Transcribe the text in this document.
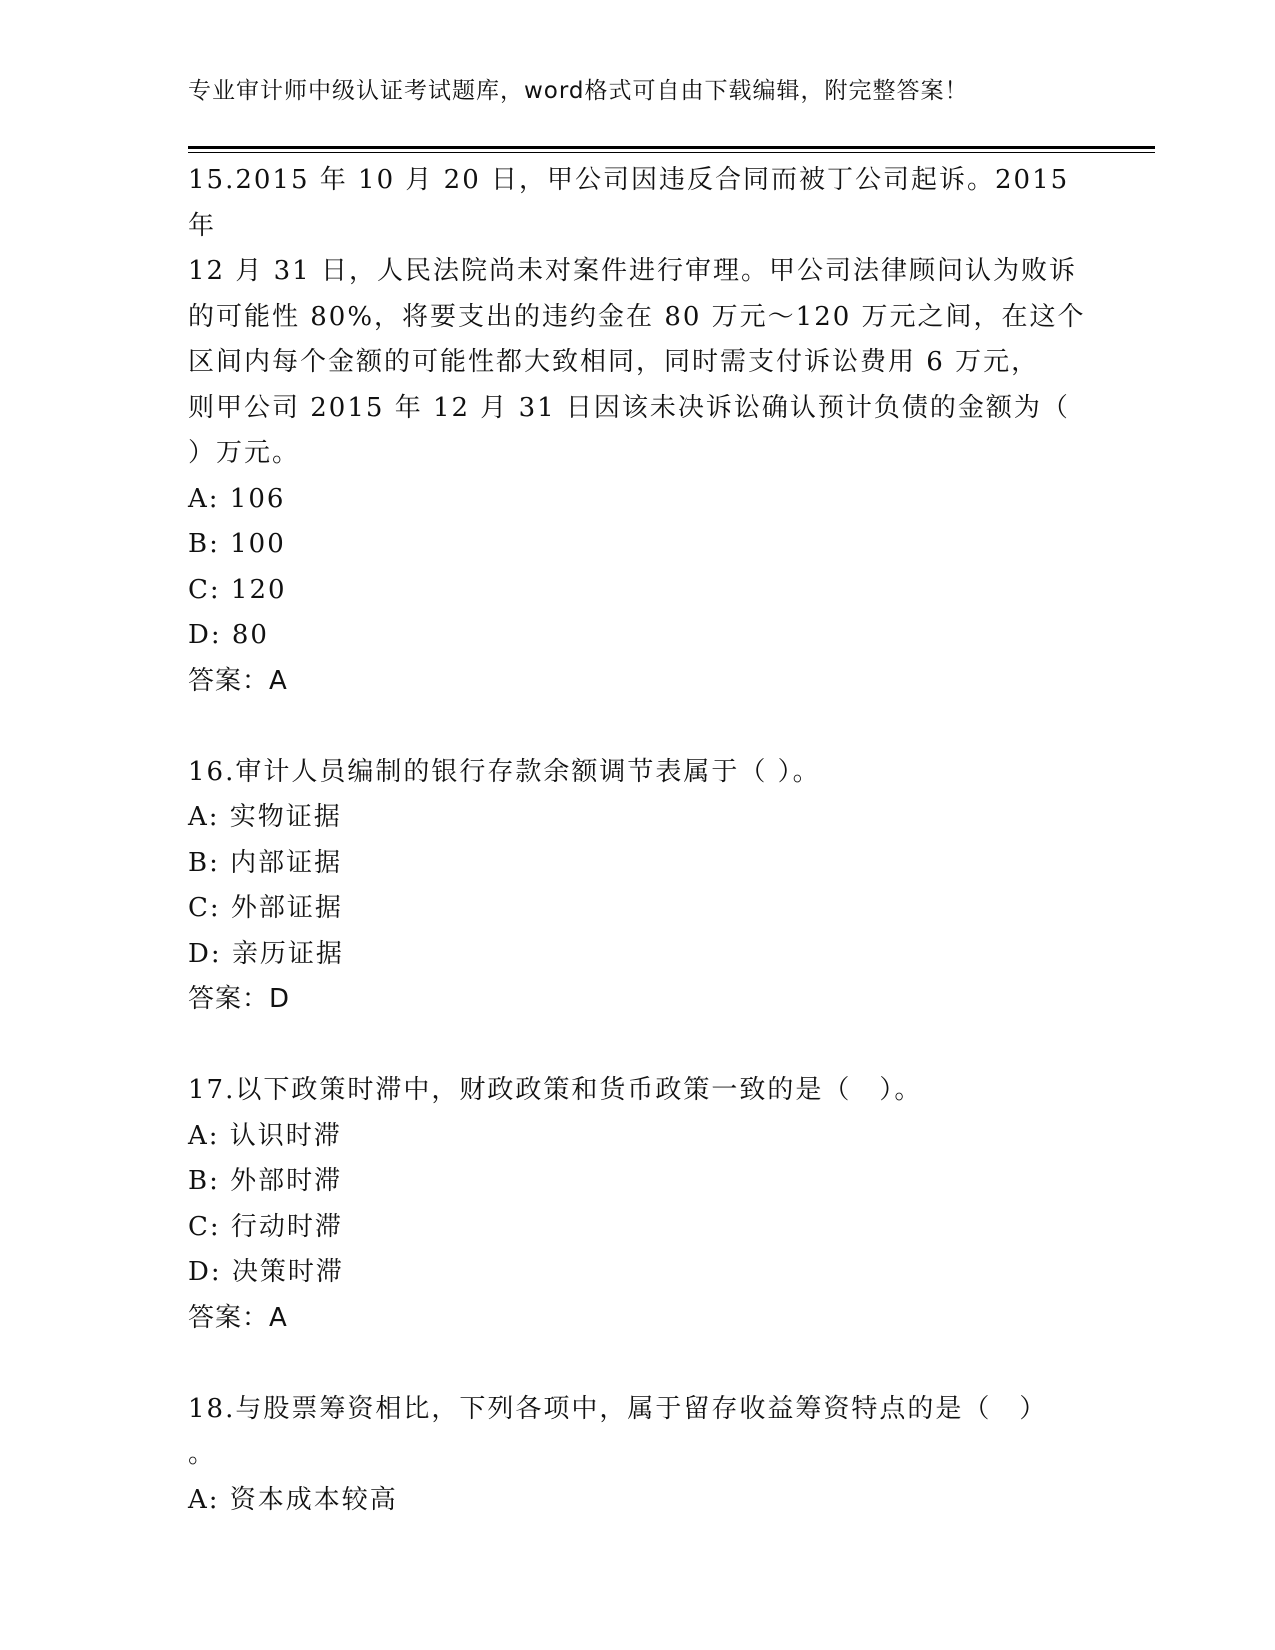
专业审计师中级认证考试题库，word格式可自由下载编辑，附完整答案！

15.2015 年 10 月 20 日，甲公司因违反合同而被丁公司起诉。2015 年

12 月 31 日，人民法院尚未对案件进行审理。甲公司法律顾问认为败诉

的可能性 80%，将要支出的违约金在 80 万元～120 万元之间，在这个

区间内每个金额的可能性都大致相同，同时需支付诉讼费用 6 万元，

则甲公司 2015 年 12 月 31 日因该未决诉讼确认预计负债的金额为（

）万元。

A: 106

B: 100

C: 120

D: 80

答案：A

16.审计人员编制的银行存款余额调节表属于（ ）。

A: 实物证据

B: 内部证据

C: 外部证据

D: 亲历证据

答案：D

17.以下政策时滞中，财政政策和货币政策一致的是（　）。

A: 认识时滞

B: 外部时滞

C: 行动时滞

D: 决策时滞

答案：A

18.与股票筹资相比，下列各项中，属于留存收益筹资特点的是（　）

。

A: 资本成本较高
